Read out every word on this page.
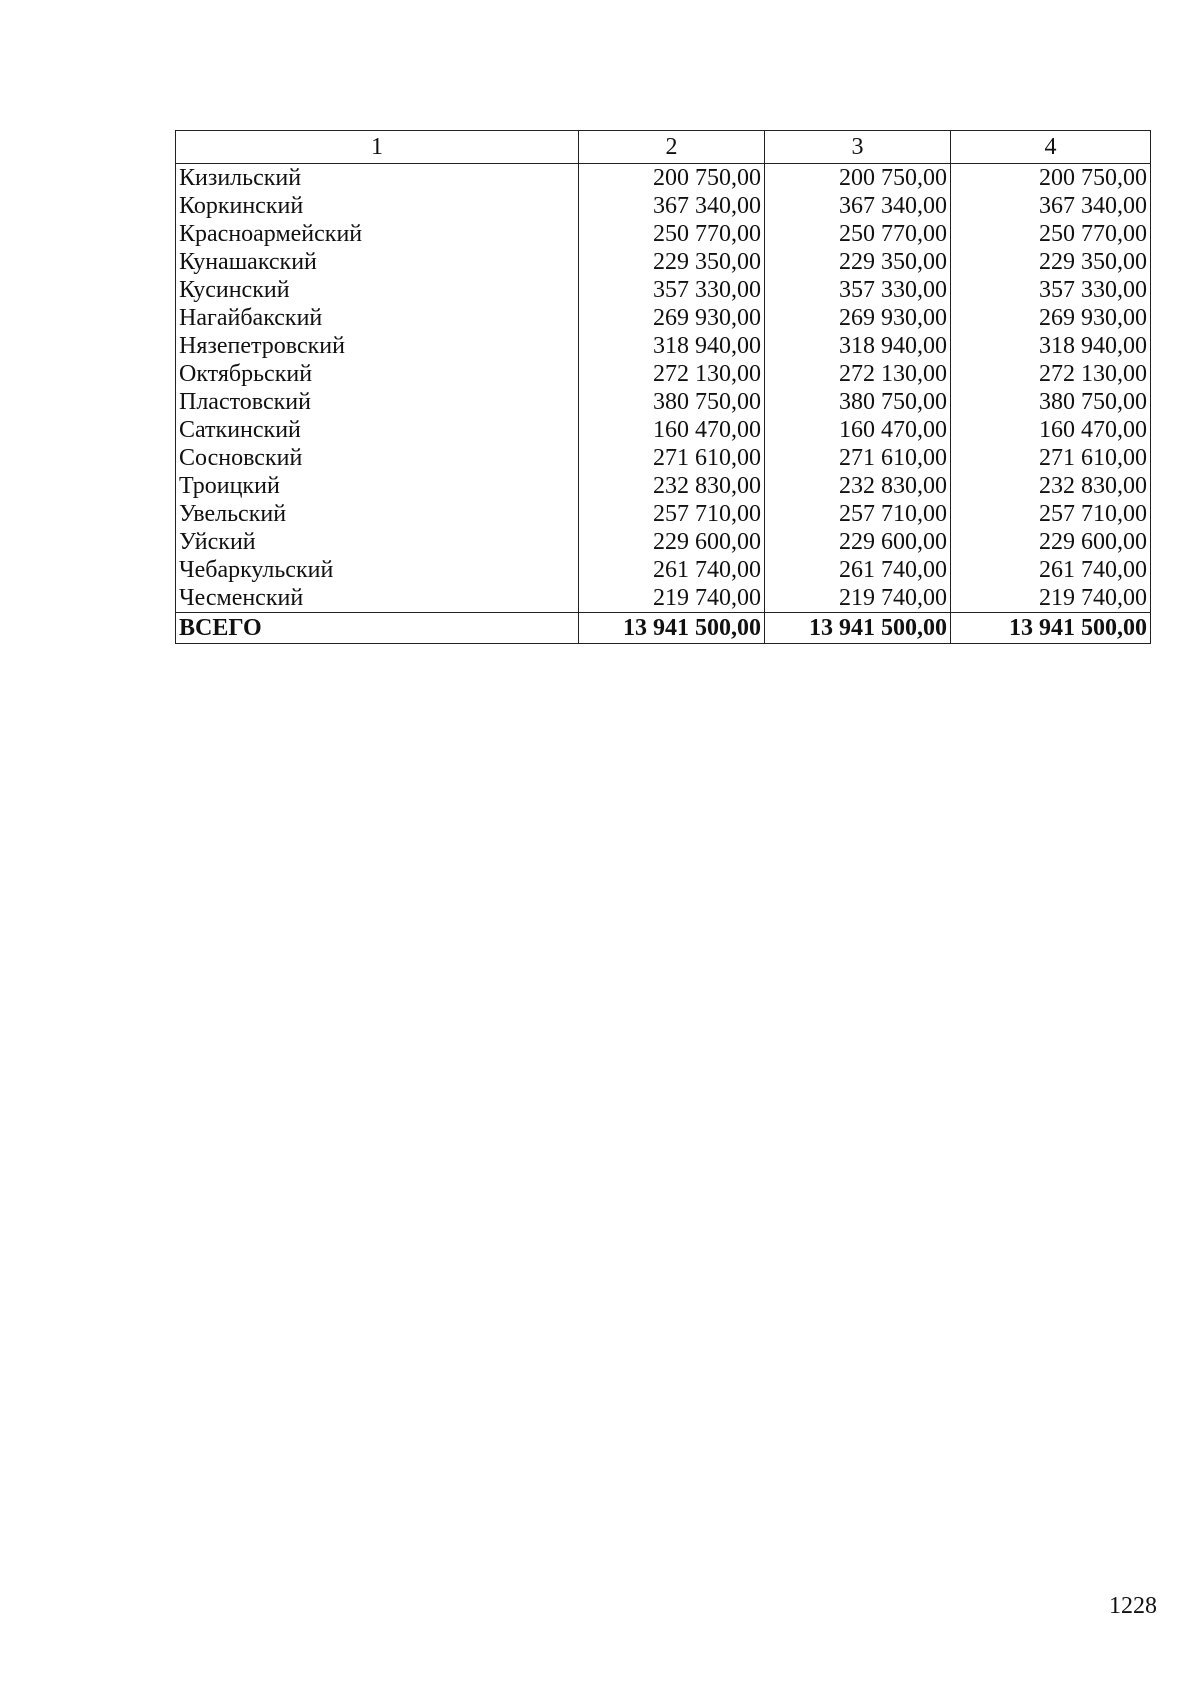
1	2	3	4
Кизильский	200 750,00	200 750,00	200 750,00
Коркинский	367 340,00	367 340,00	367 340,00
Красноармейский	250 770,00	250 770,00	250 770,00
Кунашакский	229 350,00	229 350,00	229 350,00
Кусинский	357 330,00	357 330,00	357 330,00
Нагайбакский	269 930,00	269 930,00	269 930,00
Нязепетровский	318 940,00	318 940,00	318 940,00
Октябрьский	272 130,00	272 130,00	272 130,00
Пластовский	380 750,00	380 750,00	380 750,00
Саткинский	160 470,00	160 470,00	160 470,00
Сосновский	271 610,00	271 610,00	271 610,00
Троицкий	232 830,00	232 830,00	232 830,00
Увельский	257 710,00	257 710,00	257 710,00
Уйский	229 600,00	229 600,00	229 600,00
Чебаркульский	261 740,00	261 740,00	261 740,00
Чесменский	219 740,00	219 740,00	219 740,00
ВСЕГО	13 941 500,00	13 941 500,00	13 941 500,00
1228
